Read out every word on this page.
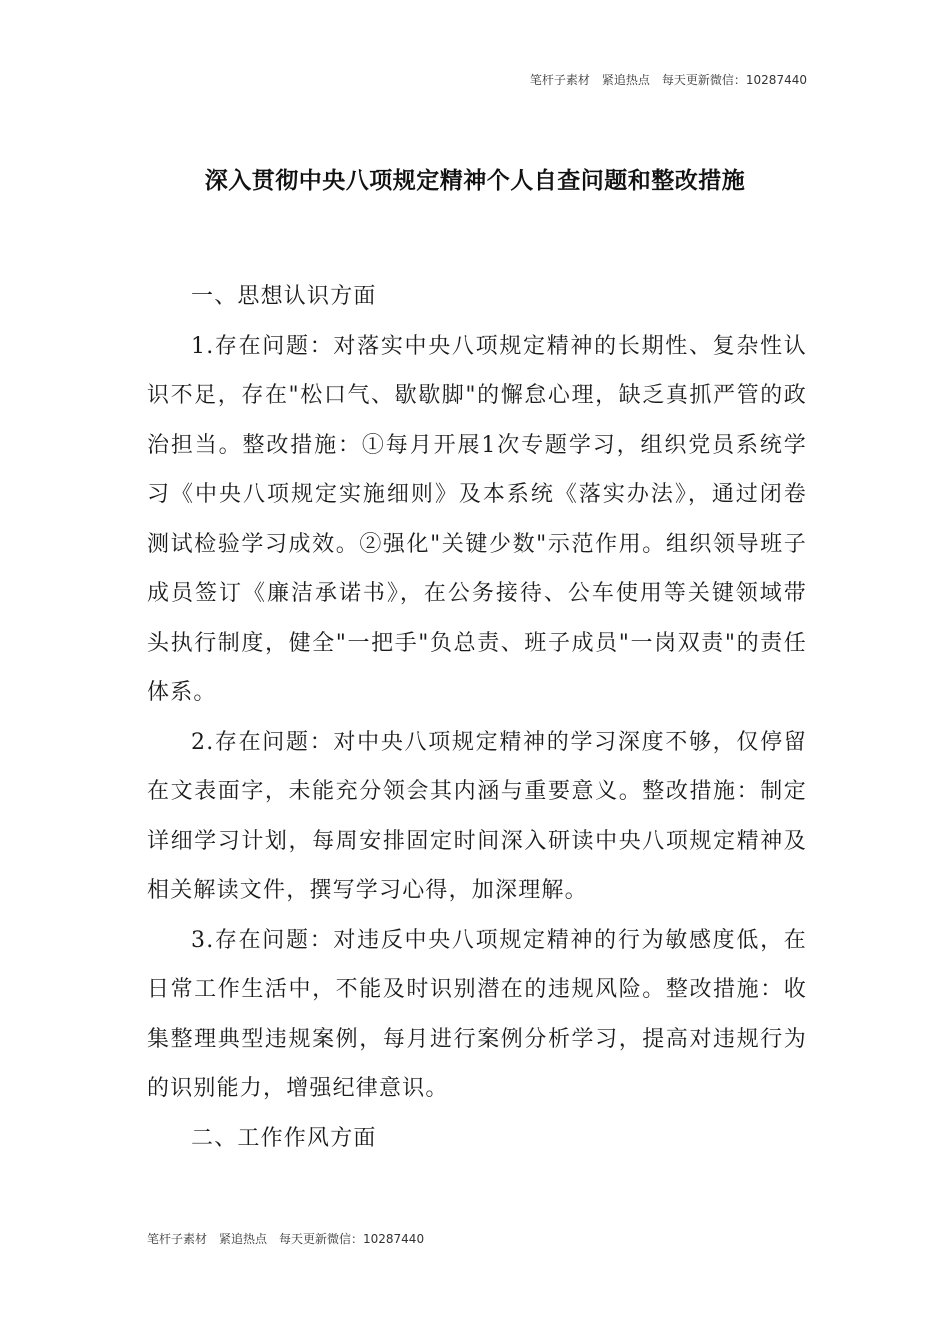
笔杆子素材　紧追热点　每天更新微信：10287440
深入贯彻中央八项规定精神个人自查问题和整改措施

一、思想认识方面

1.存在问题：对落实中央八项规定精神的长期性、复杂性认识不足，存在"松口气、歇歇脚"的懈怠心理，缺乏真抓严管的政治担当。整改措施：①每月开展1次专题学习，组织党员系统学习《中央八项规定实施细则》及本系统《落实办法》，通过闭卷测试检验学习成效。②强化"关键少数"示范作用。组织领导班子成员签订《廉洁承诺书》，在公务接待、公车使用等关键领域带头执行制度，健全"一把手"负总责、班子成员"一岗双责"的责任体系。

2.存在问题：对中央八项规定精神的学习深度不够，仅停留在文表面字，未能充分领会其内涵与重要意义。整改措施：制定详细学习计划，每周安排固定时间深入研读中央八项规定精神及相关解读文件，撰写学习心得，加深理解。

3.存在问题：对违反中央八项规定精神的行为敏感度低，在日常工作生活中，不能及时识别潜在的违规风险。整改措施：收集整理典型违规案例，每月进行案例分析学习，提高对违规行为的识别能力，增强纪律意识。

二、工作作风方面

笔杆子素材　紧追热点　每天更新微信：10287440
